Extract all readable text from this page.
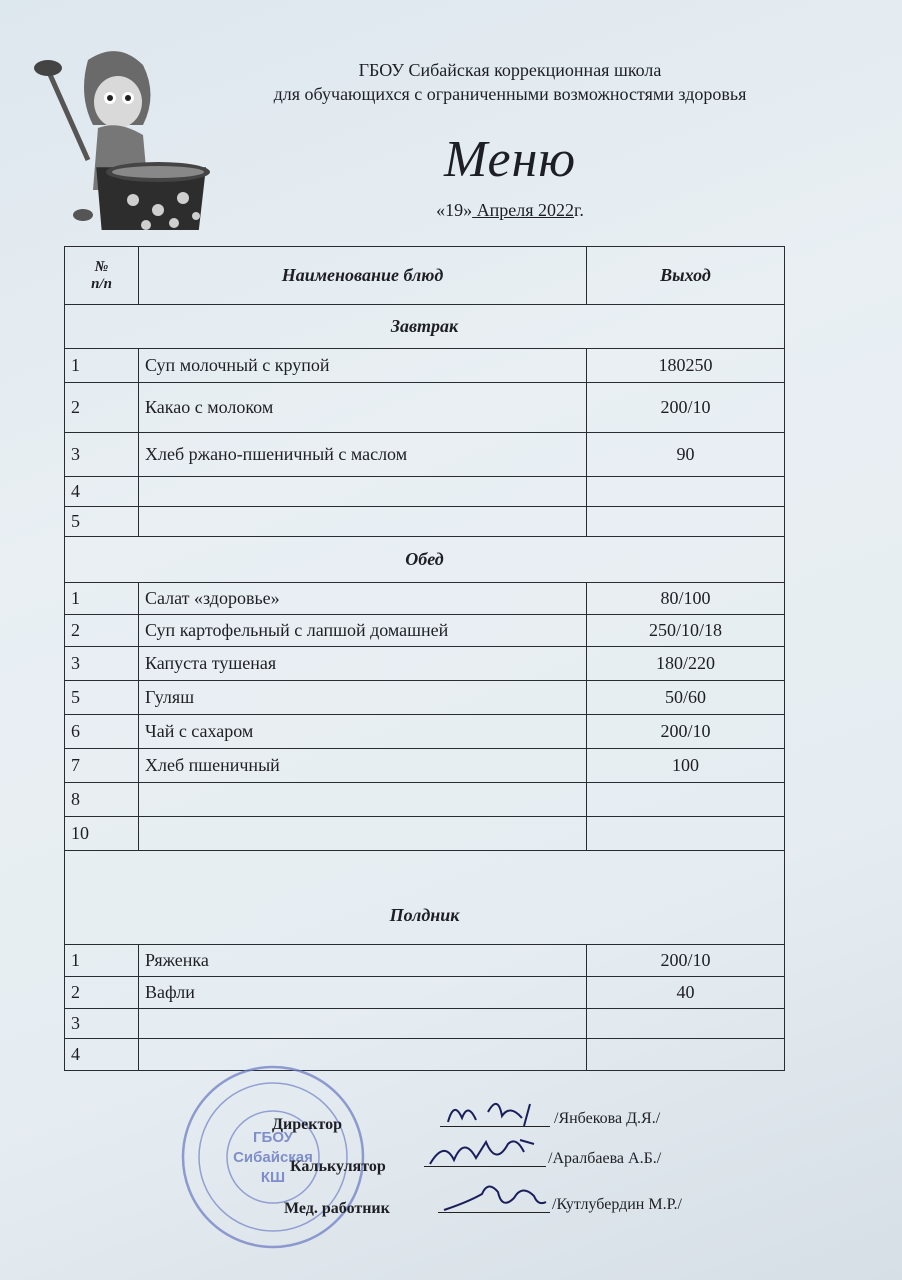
ГБОУ Сибайская коррекционная школа
для обучающихся с ограниченными возможностями здоровья
Меню
«19» Апреля 2022г.
№
п/п	Наименование блюд	Выход
Завтрак		
1	Суп молочный с крупой	180250
2	Какао с молоком	200/10
3	Хлеб ржано-пшеничный с маслом	90
4		
5		
Обед		
1	Салат «здоровье»	80/100
2	Суп картофельный с лапшой домашней	250/10/18
3	Капуста тушеная	180/220
5	Гуляш	50/60
6	Чай с сахаром	200/10
7	Хлеб пшеничный	100
8		
10		
Полдник		
1	Ряженка	200/10
2	Вафли	40
3		
4		
ГБОУ
Сибайская
КШ
Директор	/Янбекова Д.Я./
Калькулятор	/Аралбаева А.Б./
Мед. работник	/Кутлубердин М.Р./
